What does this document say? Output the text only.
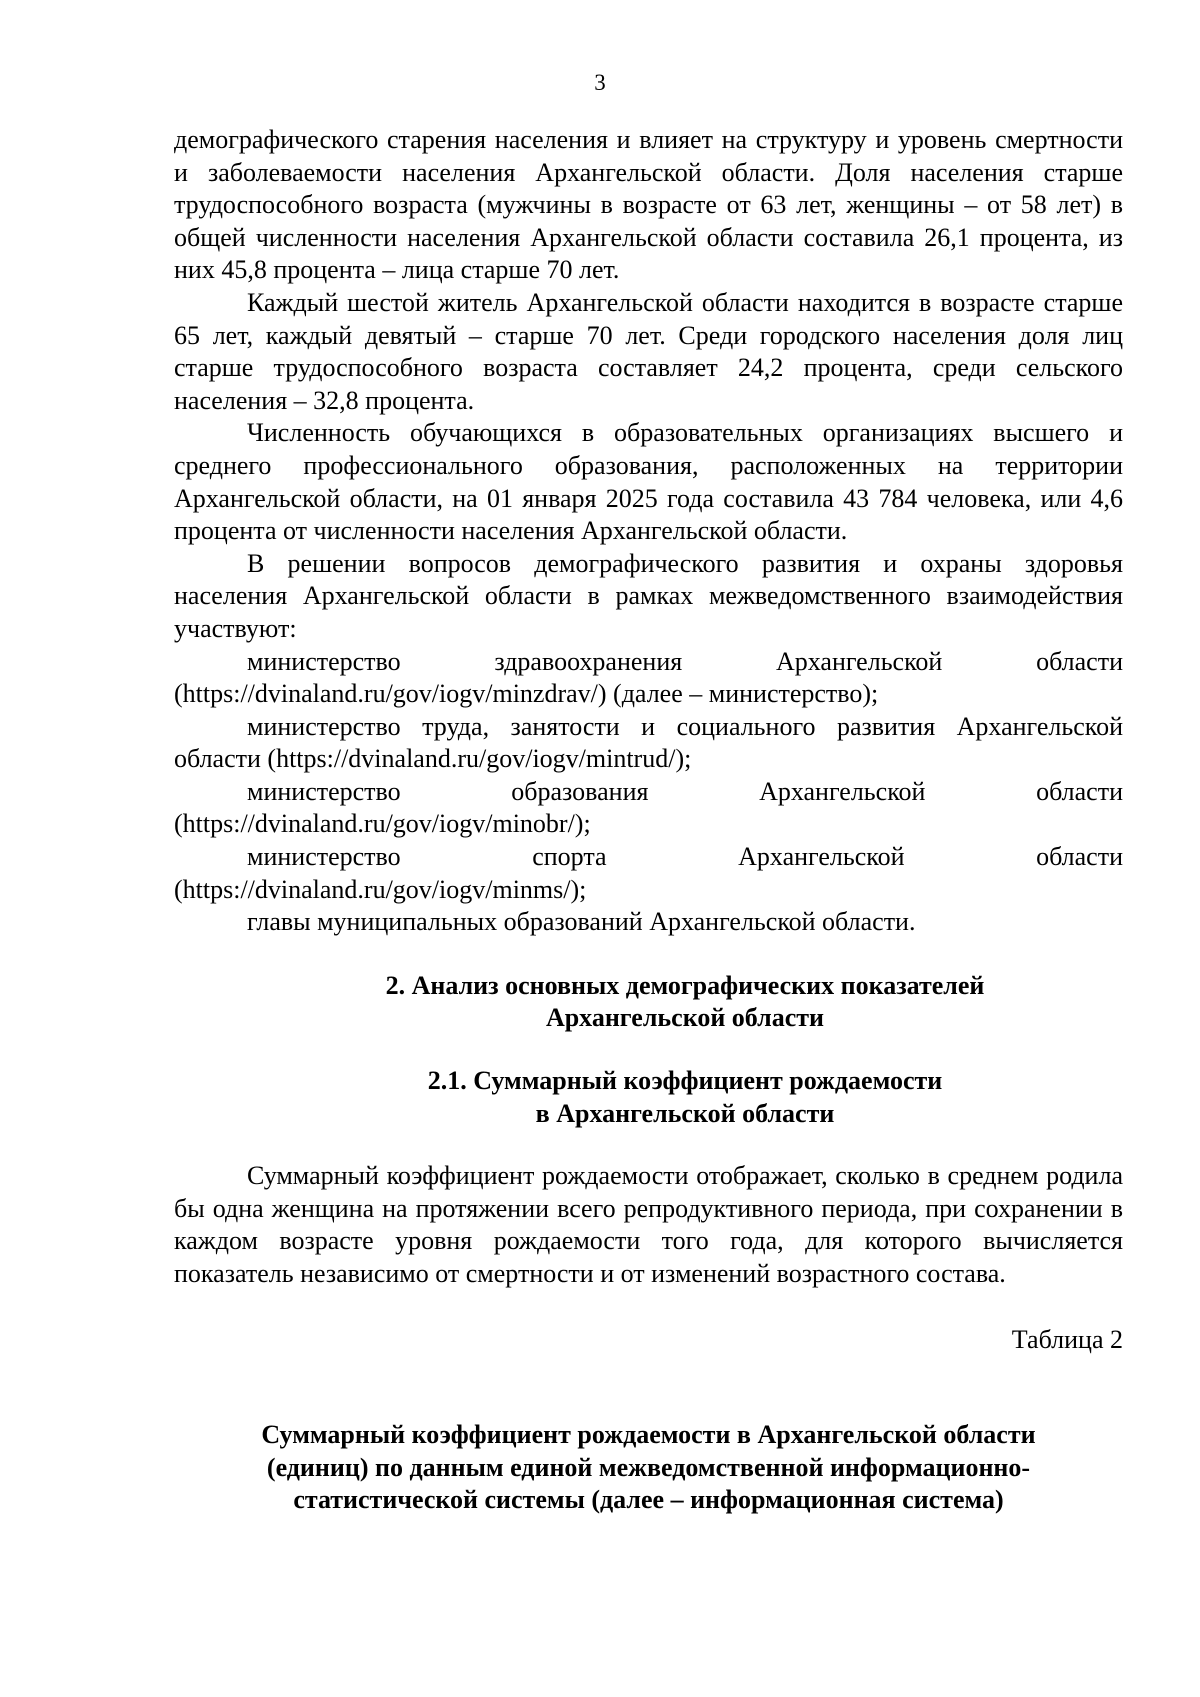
3

демографического старения населения и влияет на структуру и уровень смертности и заболеваемости населения Архангельской области. Доля населения старше трудоспособного возраста (мужчины в возрасте от 63 лет, женщины – от 58 лет) в общей численности населения Архангельской области составила 26,1 процента, из них 45,8 процента – лица старше 70 лет.

Каждый шестой житель Архангельской области находится в возрасте старше 65 лет, каждый девятый – старше 70 лет. Среди городского населения доля лиц старше трудоспособного возраста составляет 24,2 процента, среди сельского населения – 32,8 процента.

Численность обучающихся в образовательных организациях высшего и среднего профессионального образования, расположенных на территории Архангельской области, на 01 января 2025 года составила 43 784 человека, или 4,6 процента от численности населения Архангельской области.

В решении вопросов демографического развития и охраны здоровья населения Архангельской области в рамках межведомственного взаимодействия участвуют:

министерство здравоохранения Архангельской области

(https://dvinaland.ru/gov/iogv/minzdrav/) (далее – министерство);

министерство труда, занятости и социального развития Архангельской

области (https://dvinaland.ru/gov/iogv/mintrud/);

министерство образования Архангельской области

(https://dvinaland.ru/gov/iogv/minobr/);

министерство спорта Архангельской области

(https://dvinaland.ru/gov/iogv/minms/);

главы муниципальных образований Архангельской области.

2. Анализ основных демографических показателей
Архангельской области
2.1. Суммарный коэффициент рождаемости
в Архангельской области

Суммарный коэффициент рождаемости отображает, сколько в среднем родила бы одна женщина на протяжении всего репродуктивного периода, при сохранении в каждом возрасте уровня рождаемости того года, для которого вычисляется показатель независимо от смертности и от изменений возрастного состава.

Таблица 2

Суммарный коэффициент рождаемости в Архангельской области
(единиц) по данным единой межведомственной информационно-
статистической системы (далее – информационная система)
